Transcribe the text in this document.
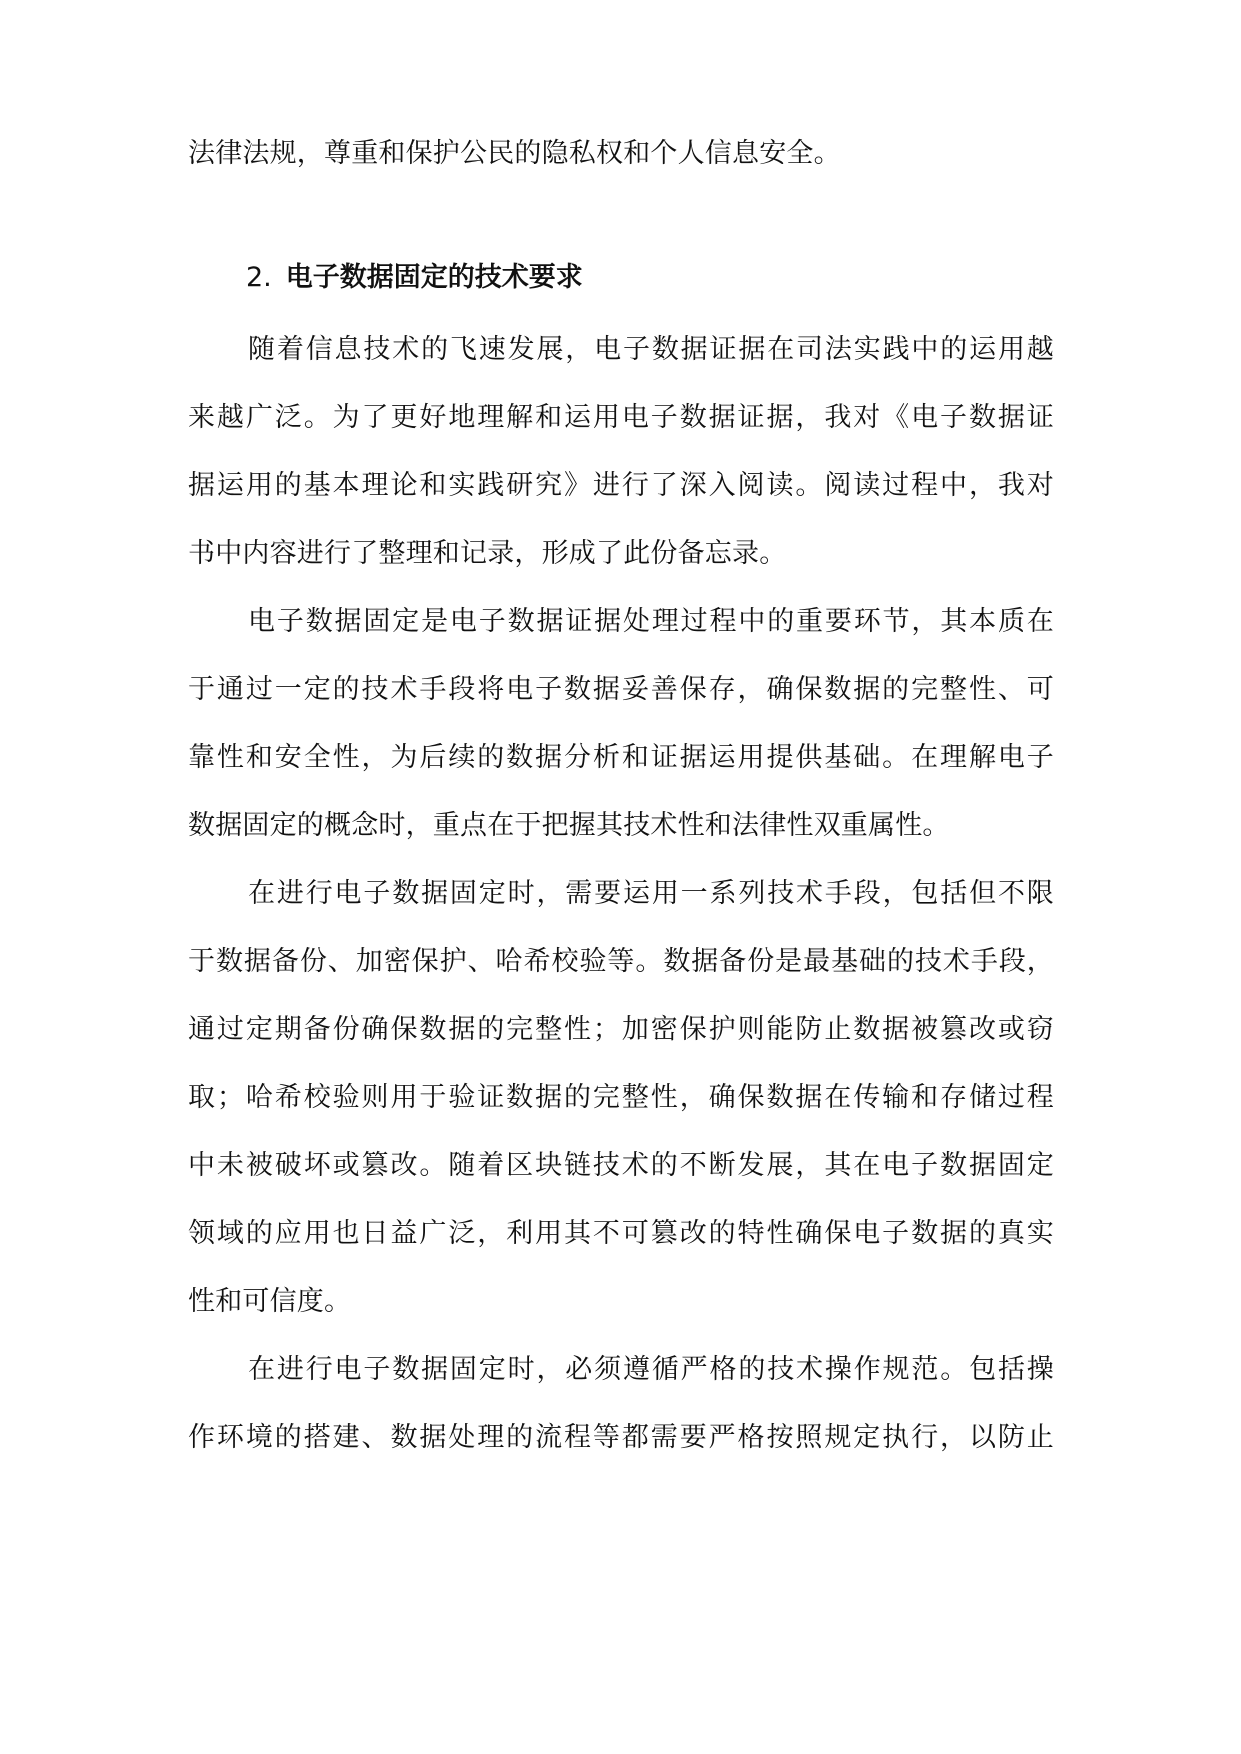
法律法规，尊重和保护公民的隐私权和个人信息安全。
2. 电子数据固定的技术要求
随着信息技术的飞速发展，电子数据证据在司法实践中的运用越
来越广泛。为了更好地理解和运用电子数据证据，我对《电子数据证
据运用的基本理论和实践研究》进行了深入阅读。阅读过程中，我对
书中内容进行了整理和记录，形成了此份备忘录。
电子数据固定是电子数据证据处理过程中的重要环节，其本质在
于通过一定的技术手段将电子数据妥善保存，确保数据的完整性、可
靠性和安全性，为后续的数据分析和证据运用提供基础。在理解电子
数据固定的概念时，重点在于把握其技术性和法律性双重属性。
在进行电子数据固定时，需要运用一系列技术手段，包括但不限
于数据备份、加密保护、哈希校验等。数据备份是最基础的技术手段，
通过定期备份确保数据的完整性；加密保护则能防止数据被篡改或窃
取；哈希校验则用于验证数据的完整性，确保数据在传输和存储过程
中未被破坏或篡改。随着区块链技术的不断发展，其在电子数据固定
领域的应用也日益广泛，利用其不可篡改的特性确保电子数据的真实
性和可信度。
在进行电子数据固定时，必须遵循严格的技术操作规范。包括操
作环境的搭建、数据处理的流程等都需要严格按照规定执行，以防止
